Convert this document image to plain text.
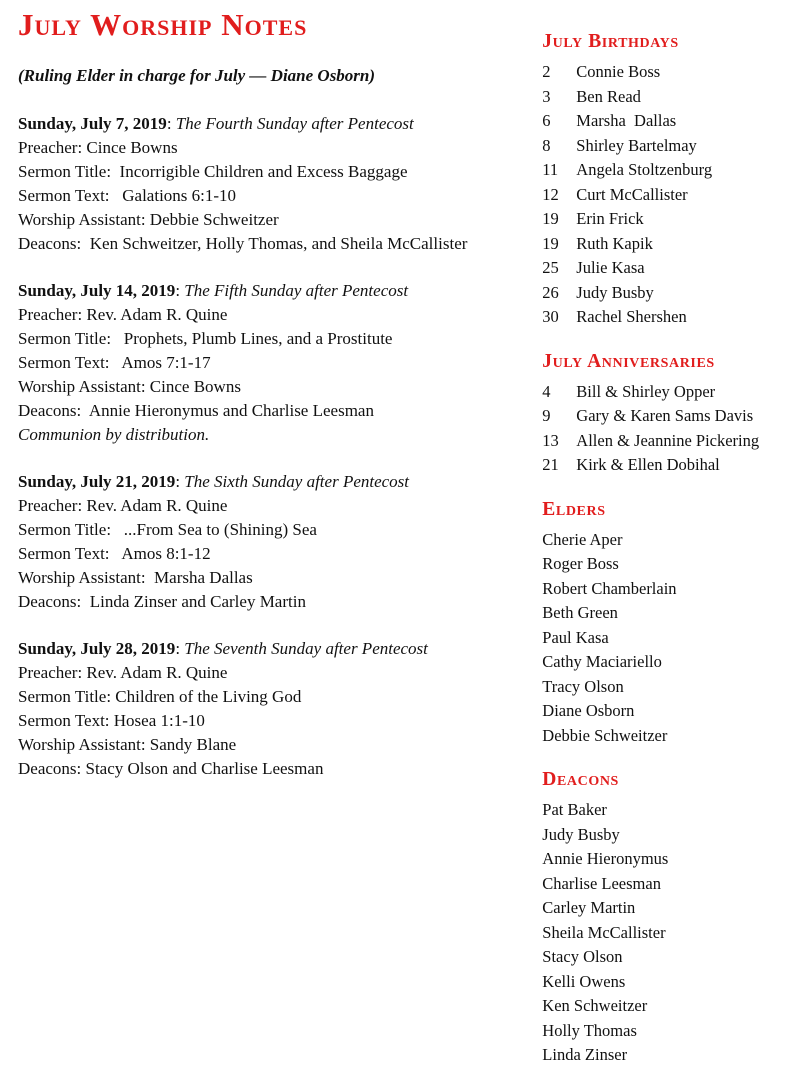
July Worship Notes
(Ruling Elder in charge for July — Diane Osborn)
Sunday, July 7, 2019: The Fourth Sunday after Pentecost
Preacher: Cince Bowns
Sermon Title:  Incorrigible Children and Excess Baggage
Sermon Text:   Galations 6:1-10
Worship Assistant: Debbie Schweitzer
Deacons:  Ken Schweitzer, Holly Thomas, and Sheila McCallister
Sunday, July 14, 2019: The Fifth Sunday after Pentecost
Preacher: Rev. Adam R. Quine
Sermon Title:   Prophets, Plumb Lines, and a Prostitute
Sermon Text:   Amos 7:1-17
Worship Assistant: Cince Bowns
Deacons:  Annie Hieronymus and Charlise Leesman
Communion by distribution.
Sunday, July 21, 2019: The Sixth Sunday after Pentecost
Preacher: Rev. Adam R. Quine
Sermon Title:   ...From Sea to (Shining) Sea
Sermon Text:   Amos 8:1-12
Worship Assistant:  Marsha Dallas
Deacons:  Linda Zinser and Carley Martin
Sunday, July 28, 2019: The Seventh Sunday after Pentecost
Preacher: Rev. Adam R. Quine
Sermon Title: Children of the Living God
Sermon Text: Hosea 1:1-10
Worship Assistant: Sandy Blane
Deacons: Stacy Olson and Charlise Leesman
July Birthdays
2	Connie Boss
3	Ben Read
6	Marsha  Dallas
8	Shirley Bartelmay
11	Angela Stoltzenburg
12	Curt McCallister
19	Erin Frick
19	Ruth Kapik
25	Julie Kasa
26	Judy Busby
30	Rachel Shershen
July Anniversaries
4	Bill & Shirley Opper
9	Gary & Karen Sams Davis
13	Allen & Jeannine Pickering
21	Kirk & Ellen Dobihal
Elders
Cherie Aper
Roger Boss
Robert Chamberlain
Beth Green
Paul Kasa
Cathy Maciariello
Tracy Olson
Diane Osborn
Debbie Schweitzer
Deacons
Pat Baker
Judy Busby
Annie Hieronymus
Charlise Leesman
Carley Martin
Sheila McCallister
Stacy Olson
Kelli Owens
Ken Schweitzer
Holly Thomas
Linda Zinser
